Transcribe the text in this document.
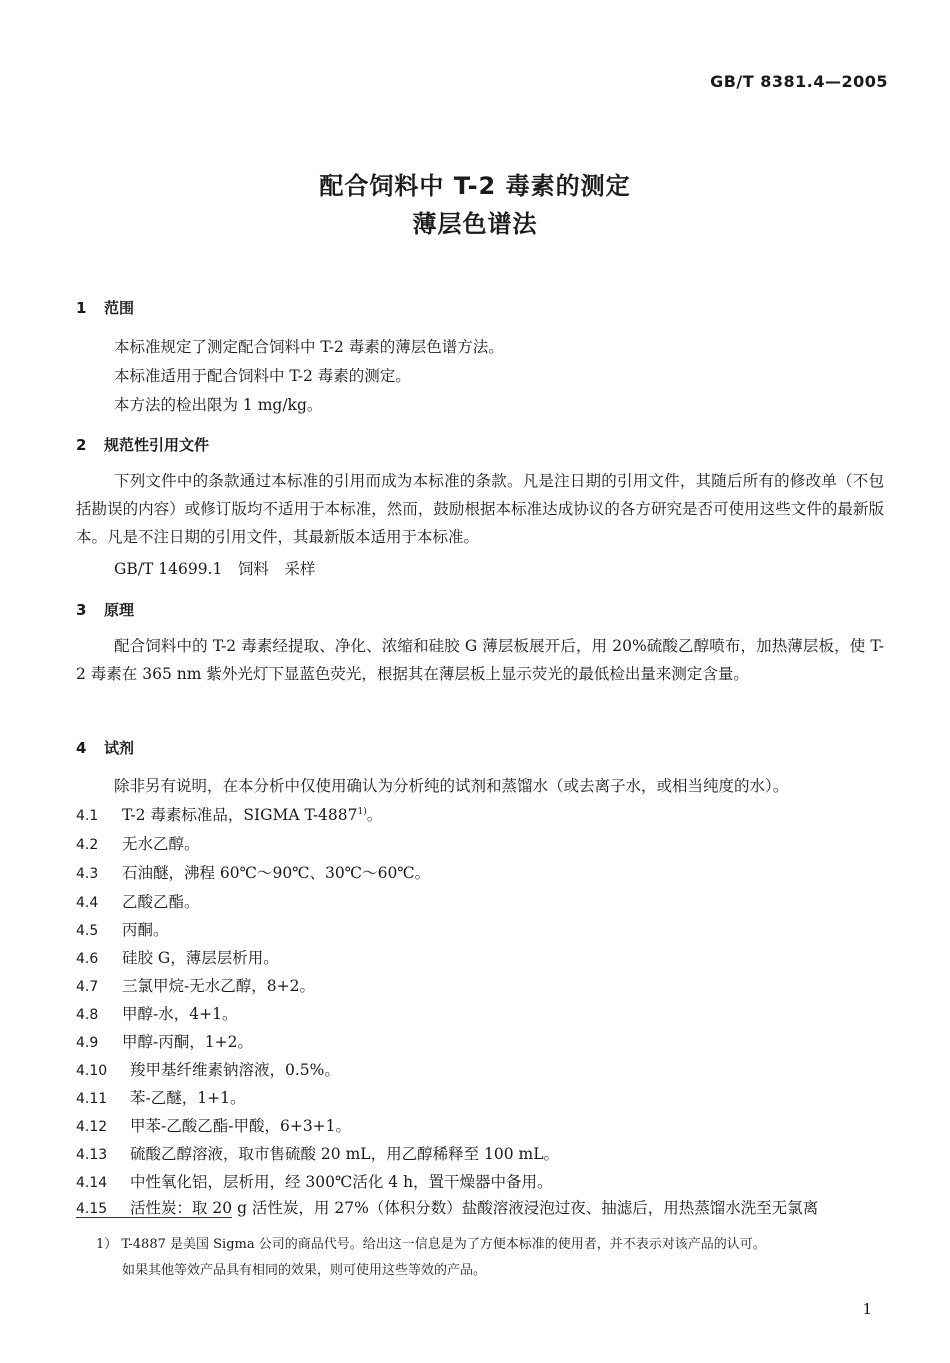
GB/T 8381.4—2005
配合饲料中 T-2 毒素的测定
薄层色谱法
1 范围
本标准规定了测定配合饲料中 T-2 毒素的薄层色谱方法。
本标准适用于配合饲料中 T-2 毒素的测定。
本方法的检出限为 1 mg/kg。
2 规范性引用文件
下列文件中的条款通过本标准的引用而成为本标准的条款。凡是注日期的引用文件，其随后所有的修改单（不包括勘误的内容）或修订版均不适用于本标准，然而，鼓励根据本标准达成协议的各方研究是否可使用这些文件的最新版本。凡是不注日期的引用文件，其最新版本适用于本标准。
GB/T 14699.1　饲料　采样
3 原理
配合饲料中的 T-2 毒素经提取、净化、浓缩和硅胶 G 薄层板展开后，用 20%硫酸乙醇喷布，加热薄层板，使 T-2 毒素在 365 nm 紫外光灯下显蓝色荧光，根据其在薄层板上显示荧光的最低检出量来测定含量。
4 试剂
除非另有说明，在本分析中仅使用确认为分析纯的试剂和蒸馏水（或去离子水，或相当纯度的水）。
4.1 T-2 毒素标准品，SIGMA T-4887$^{1)}$。
4.2 无水乙醇。
4.3 石油醚，沸程 60℃～90℃、30℃～60℃。
4.4 乙酸乙酯。
4.5 丙酮。
4.6 硅胶 G，薄层层析用。
4.7 三氯甲烷-无水乙醇，8+2。
4.8 甲醇-水，4+1。
4.9 甲醇-丙酮，1+2。
4.10 羧甲基纤维素钠溶液，0.5%。
4.11 苯-乙醚，1+1。
4.12 甲苯-乙酸乙酯-甲酸，6+3+1。
4.13 硫酸乙醇溶液，取市售硫酸 20 mL，用乙醇稀释至 100 mL。
4.14 中性氧化铝，层析用，经 300℃活化 4 h，置干燥器中备用。
4.15 活性炭：取 20 g 活性炭，用 27%（体积分数）盐酸溶液浸泡过夜、抽滤后，用热蒸馏水洗至无氯离
1） T-4887 是美国 Sigma 公司的商品代号。给出这一信息是为了方便本标准的使用者，并不表示对该产品的认可。
如果其他等效产品具有相同的效果，则可使用这些等效的产品。
1
